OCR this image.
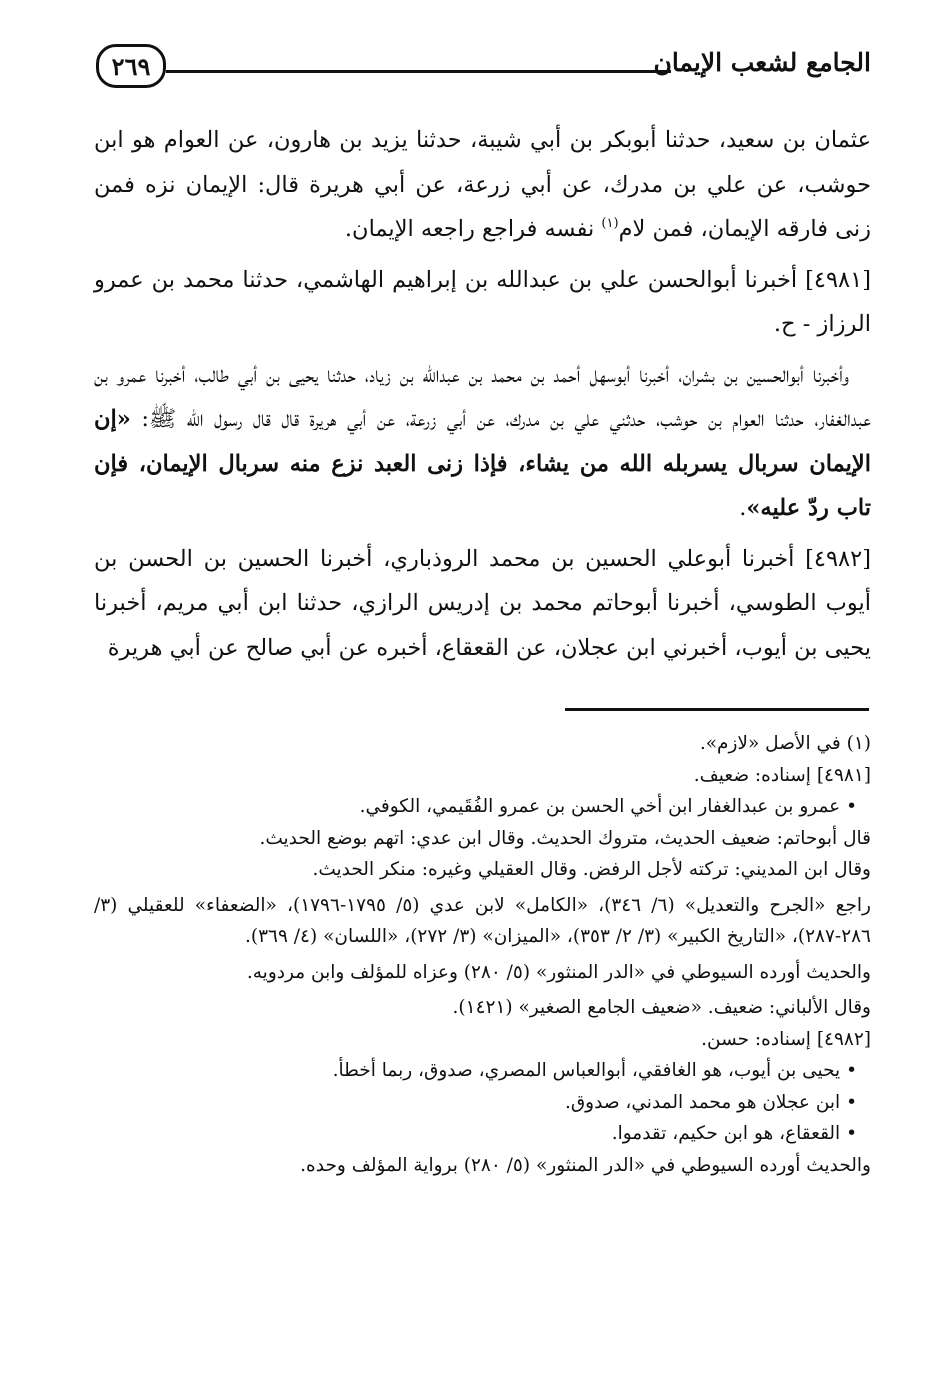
٢٦٩	الجامع لشعب الإيمان

عثمان بن سعيد، حدثنا أبوبكر بن أبي شيبة، حدثنا يزيد بن هارون، عن العوام هو ابن حوشب، عن علي بن مدرك، عن أبي زرعة، عن أبي هريرة قال: الإيمان نزه فمن زنى فارقه الإيمان، فمن لام$^{(١)}$ نفسه فراجع راجعه الإيمان.

[٤٩٨١] أخبرنا أبوالحسن علي بن عبدالله بن إبراهيم الهاشمي، حدثنا محمد بن عمرو الرزاز - ح.

وأخبرنا أبوالحسين بن بشران، أخبرنا أبوسهل أحمد بن محمد بن عبدالله بن زياد، حدثنا يحيى بن أبي طالب، أخبرنا عمرو بن عبدالغفار، حدثنا العوام بن حوشب، حدثني علي بن مدرك، عن أبي زرعة، عن أبي هريرة قال قال رسول الله ﷺ: «إن الإيمان سربال يسربله الله من يشاء، فإذا زنى العبد نزع منه سربال الإيمان، فإن تاب ردّ عليه».

[٤٩٨٢] أخبرنا أبوعلي الحسين بن محمد الروذباري، أخبرنا الحسين بن الحسن بن أيوب الطوسي، أخبرنا أبوحاتم محمد بن إدريس الرازي، حدثنا ابن أبي مريم، أخبرنا يحيى بن أيوب، أخبرني ابن عجلان، عن القعقاع، أخبره عن أبي صالح عن أبي هريرة

(١) في الأصل «لازم».

[٤٩٨١] إسناده: ضعيف.

• عمرو بن عبدالغفار ابن أخي الحسن بن عمرو الفُقَيمي، الكوفي.

قال أبوحاتم: ضعيف الحديث، متروك الحديث. وقال ابن عدي: اتهم بوضع الحديث.

وقال ابن المديني: تركته لأجل الرفض. وقال العقيلي وغيره: منكر الحديث.

راجع «الجرح والتعديل» (٦/ ٣٤٦)، «الكامل» لابن عدي (٥/ ١٧٩٥-١٧٩٦)، «الضعفاء» للعقيلي (٣/ ٢٨٦-٢٨٧)، «التاريخ الكبير» (٣/ ٢/ ٣٥٣)، «الميزان» (٣/ ٢٧٢)، «اللسان» (٤/ ٣٦٩).

والحديث أورده السيوطي في «الدر المنثور» (٥/ ٢٨٠) وعزاه للمؤلف وابن مردويه.

وقال الألباني: ضعيف. «ضعيف الجامع الصغير» (١٤٢١).

[٤٩٨٢] إسناده: حسن.

• يحيى بن أيوب، هو الغافقي، أبوالعباس المصري، صدوق، ربما أخطأ.

• ابن عجلان هو محمد المدني، صدوق.

• القعقاع، هو ابن حكيم، تقدموا.

والحديث أورده السيوطي في «الدر المنثور» (٥/ ٢٨٠) برواية المؤلف وحده.
